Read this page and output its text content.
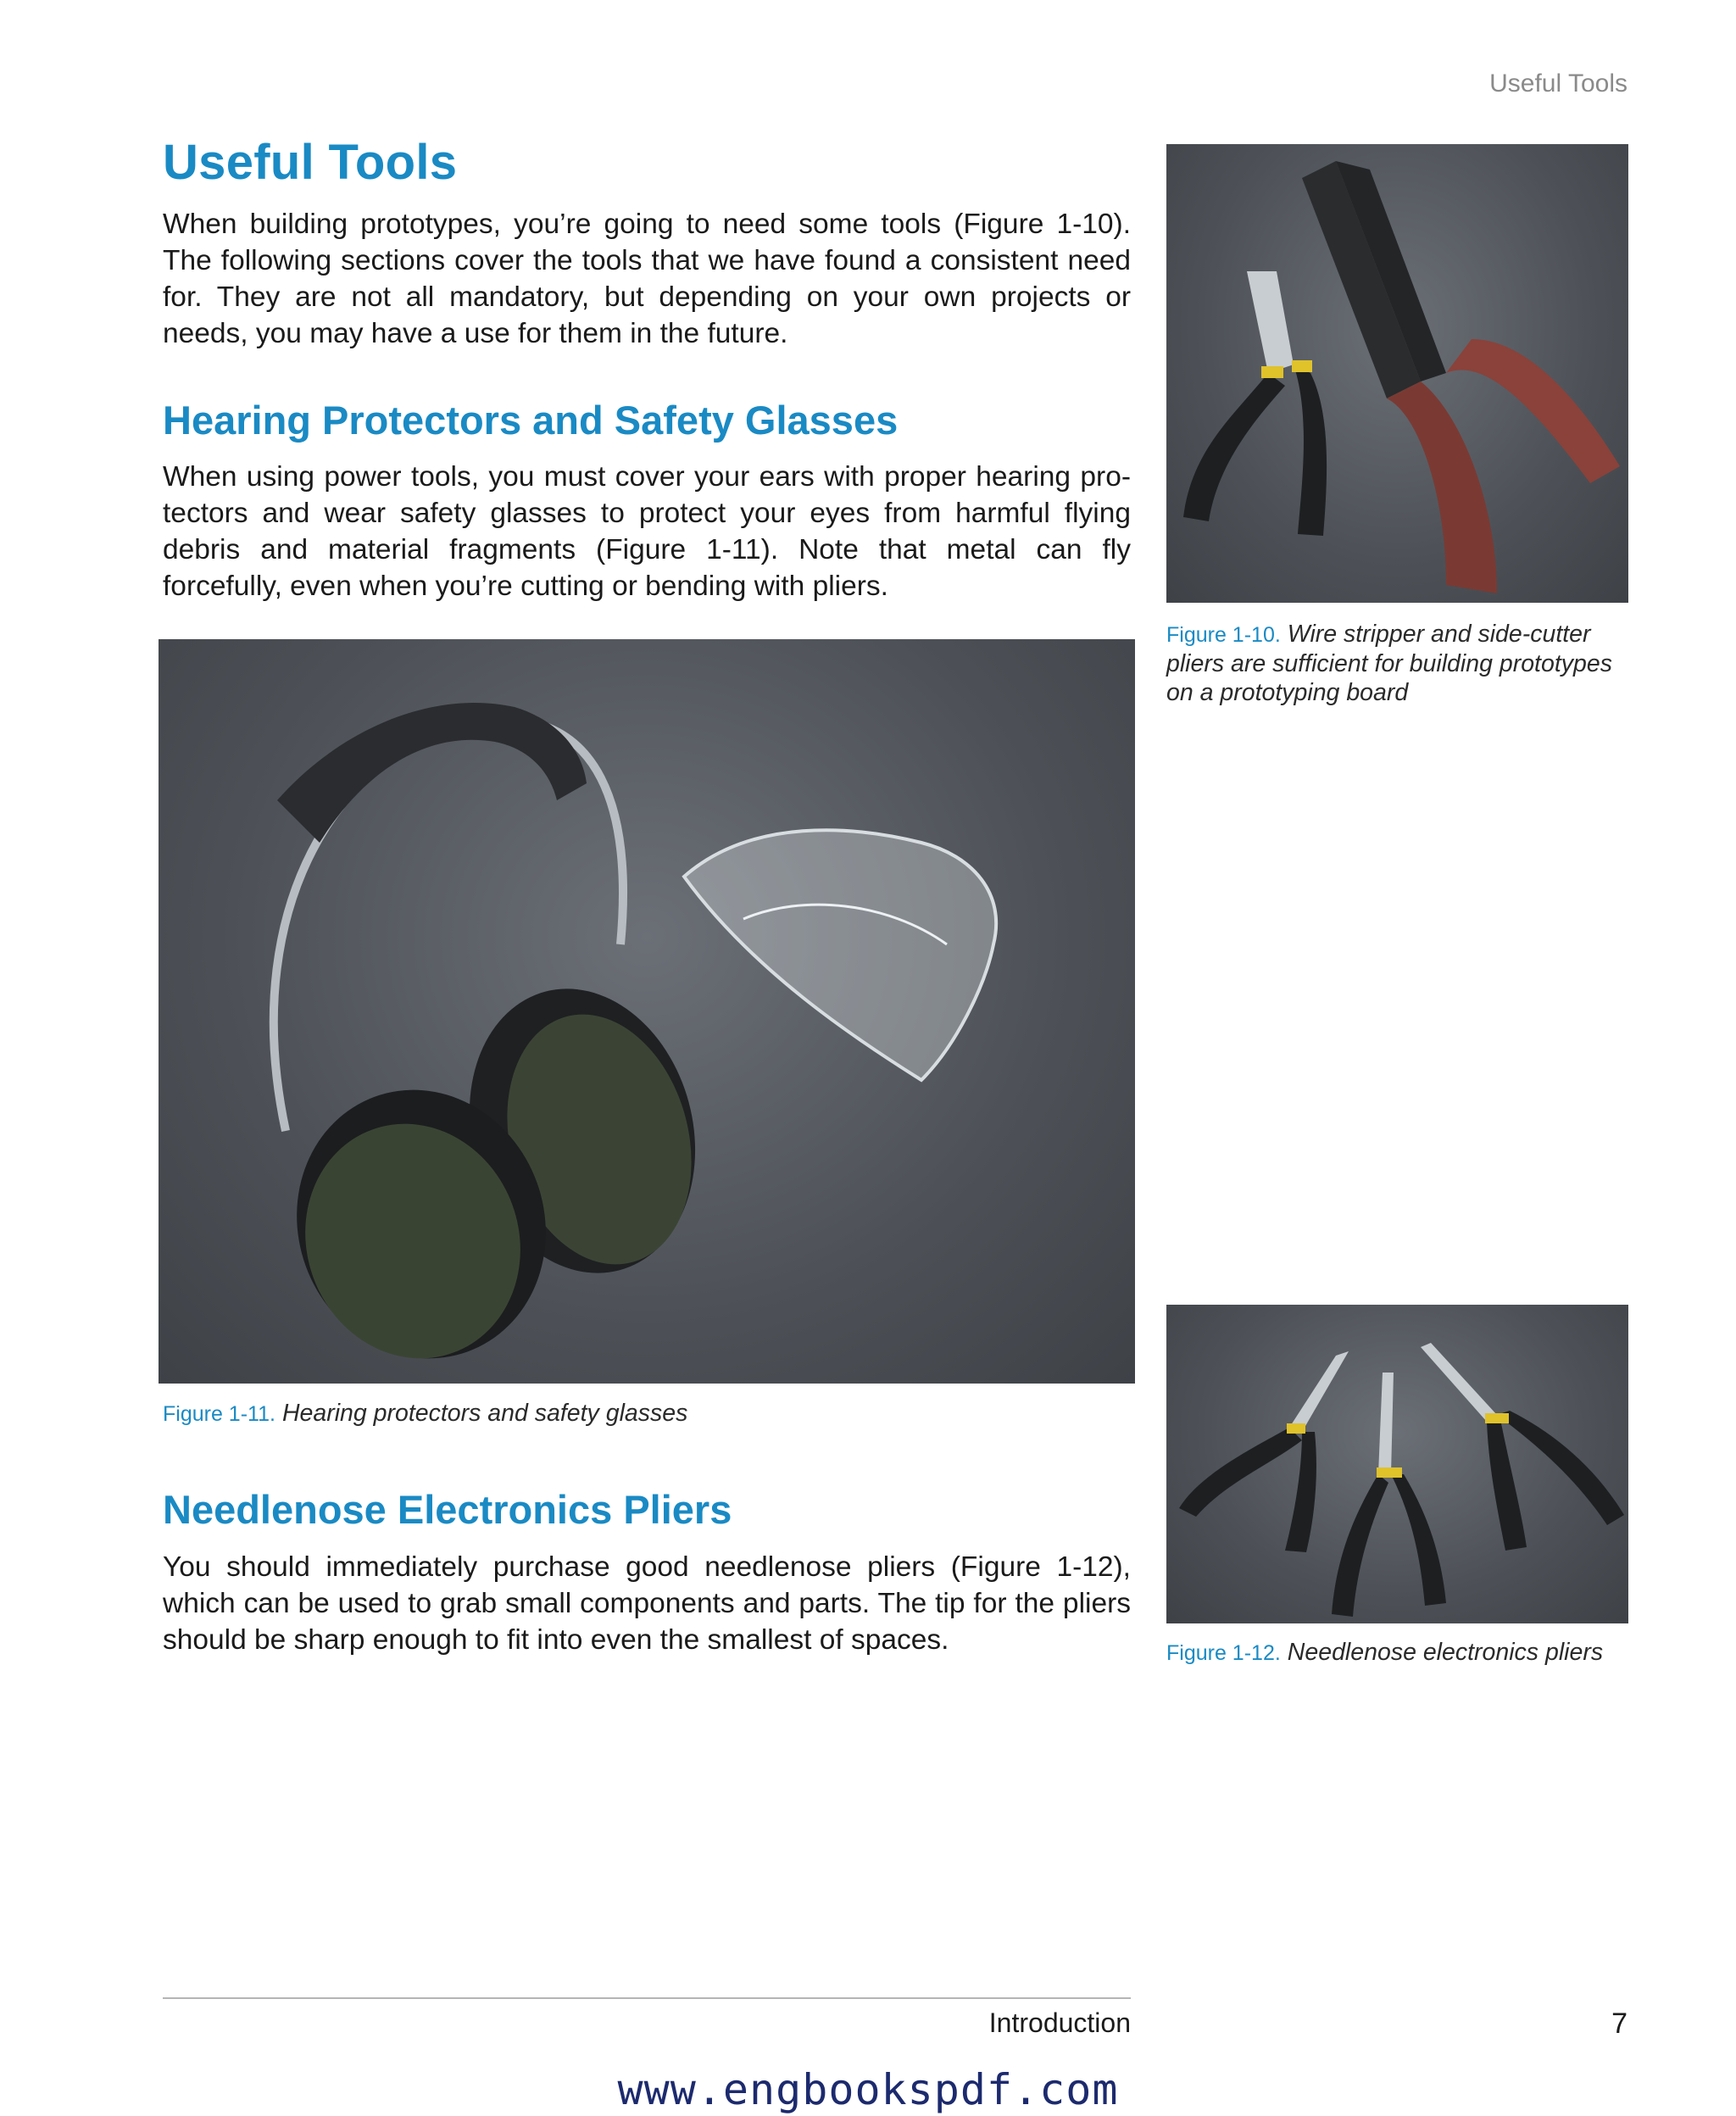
Useful Tools
Useful Tools

When building prototypes, you’re going to need some tools (Figure 1-10). The following sections cover the tools that we have found a consistent need for. They are not all mandatory, but depending on your own projects or needs, you may have a use for them in the future.

Hearing Protectors and Safety Glasses

When using power tools, you must cover your ears with proper hearing pro-tectors and wear safety glasses to protect your eyes from harmful flying debris and material fragments (Figure 1-11). Note that metal can fly forcefully, even when you’re cutting or bending with pliers.

Figure 1-11. Hearing protectors and safety glasses
Needlenose Electronics Pliers

You should immediately purchase good needlenose pliers (Figure 1-12), which can be used to grab small components and parts. The tip for the pliers should be sharp enough to fit into even the smallest of spaces.

Figure 1-10. Wire stripper and side-cutter pliers are sufficient for building prototypes on a prototyping board
Figure 1-12. Needlenose electronics pliers
Introduction	7
www.engbookspdf.com
